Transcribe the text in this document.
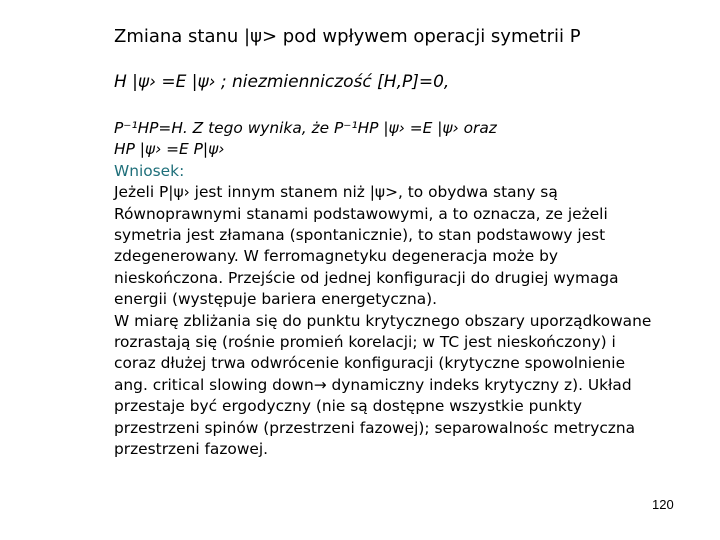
Zmiana stanu |ψ> pod wpływem operacji symetrii P
H |ψ› =E |ψ› ; niezmienniczość [H,P]=0,
P⁻¹HP=H. Z tego wynika, że P⁻¹HP |ψ› =E |ψ› oraz
HP |ψ› =E P|ψ›
Wniosek:
Jeżeli P|ψ› jest innym stanem niż |ψ>, to obydwa stany są
Równoprawnymi stanami podstawowymi, a to oznacza, ze jeżeli
symetria jest złamana (spontanicznie), to stan podstawowy jest
zdegenerowany. W ferromagnetyku degeneracja może by
nieskończona. Przejście od jednej konfiguracji do drugiej wymaga
energii (występuje bariera energetyczna).
W miarę zbliżania się do punktu krytycznego obszary uporządkowane
rozrastają się (rośnie promień korelacji; w TC jest nieskończony) i
coraz dłużej trwa odwrócenie konfiguracji (krytyczne spowolnienie
ang. critical slowing down→ dynamiczny indeks krytyczny z). Układ
przestaje być ergodyczny (nie są dostępne wszystkie punkty
przestrzeni spinów (przestrzeni fazowej); separowalnośc metryczna
przestrzeni fazowej.
120
